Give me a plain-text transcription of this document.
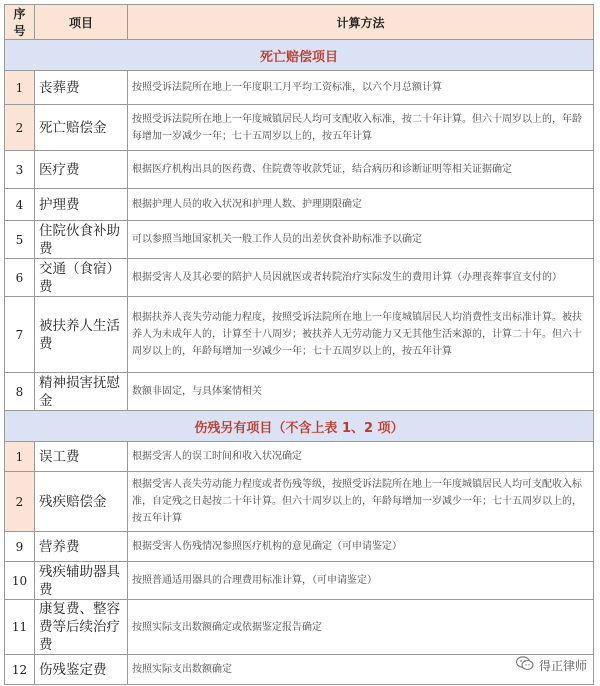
序号	项目	计算方法
死亡赔偿项目		
1	丧葬费	按照受诉法院所在地上一年度职工月平均工资标准，以六个月总额计算
2	死亡赔偿金	按照受诉法院所在地上一年度城镇居民人均可支配收入标准，按二十年计算。但六十周岁以上的，年龄每增加一岁减少一年；七十五周岁以上的，按五年计算
3	医疗费	根据医疗机构出具的医药费、住院费等收款凭证，结合病历和诊断证明等相关证据确定
4	护理费	根据护理人员的收入状况和护理人数、护理期限确定
5	住院伙食补助费	可以参照当地国家机关一般工作人员的出差伙食补助标准予以确定
6	交通（食宿）费	根据受害人及其必要的陪护人员因就医或者转院治疗实际发生的费用计算（办理丧葬事宜支付的）
7	被扶养人生活费	根据扶养人丧失劳动能力程度，按照受诉法院所在地上一年度城镇居民人均消费性支出标准计算。被扶养人为未成年人的，计算至十八周岁；被扶养人无劳动能力又无其他生活来源的，计算二十年。但六十周岁以上的，年龄每增加一岁减少一年；七十五周岁以上的，按五年计算
8	精神损害抚慰金	数额非固定，与具体案情相关
伤残另有项目（不含上表 1、2 项）		
1	误工费	根据受害人的误工时间和收入状况确定
2	残疾赔偿金	根据受害人丧失劳动能力程度或者伤残等级，按照受诉法院所在地上一年度城镇居民人均可支配收入标准，自定残之日起按二十年计算。但六十周岁以上的，年龄每增加一岁减少一年；七十五周岁以上的，按五年计算
9	营养费	根据受害人伤残情况参照医疗机构的意见确定（可申请鉴定）
10	残疾辅助器具费	按照普通适用器具的合理费用标准计算，（可申请鉴定）
11	康复费、整容费等后续治疗费	按照实际支出数额确定或依据鉴定报告确定
12	伤残鉴定费	按照实际支出数额确定	得正律师
